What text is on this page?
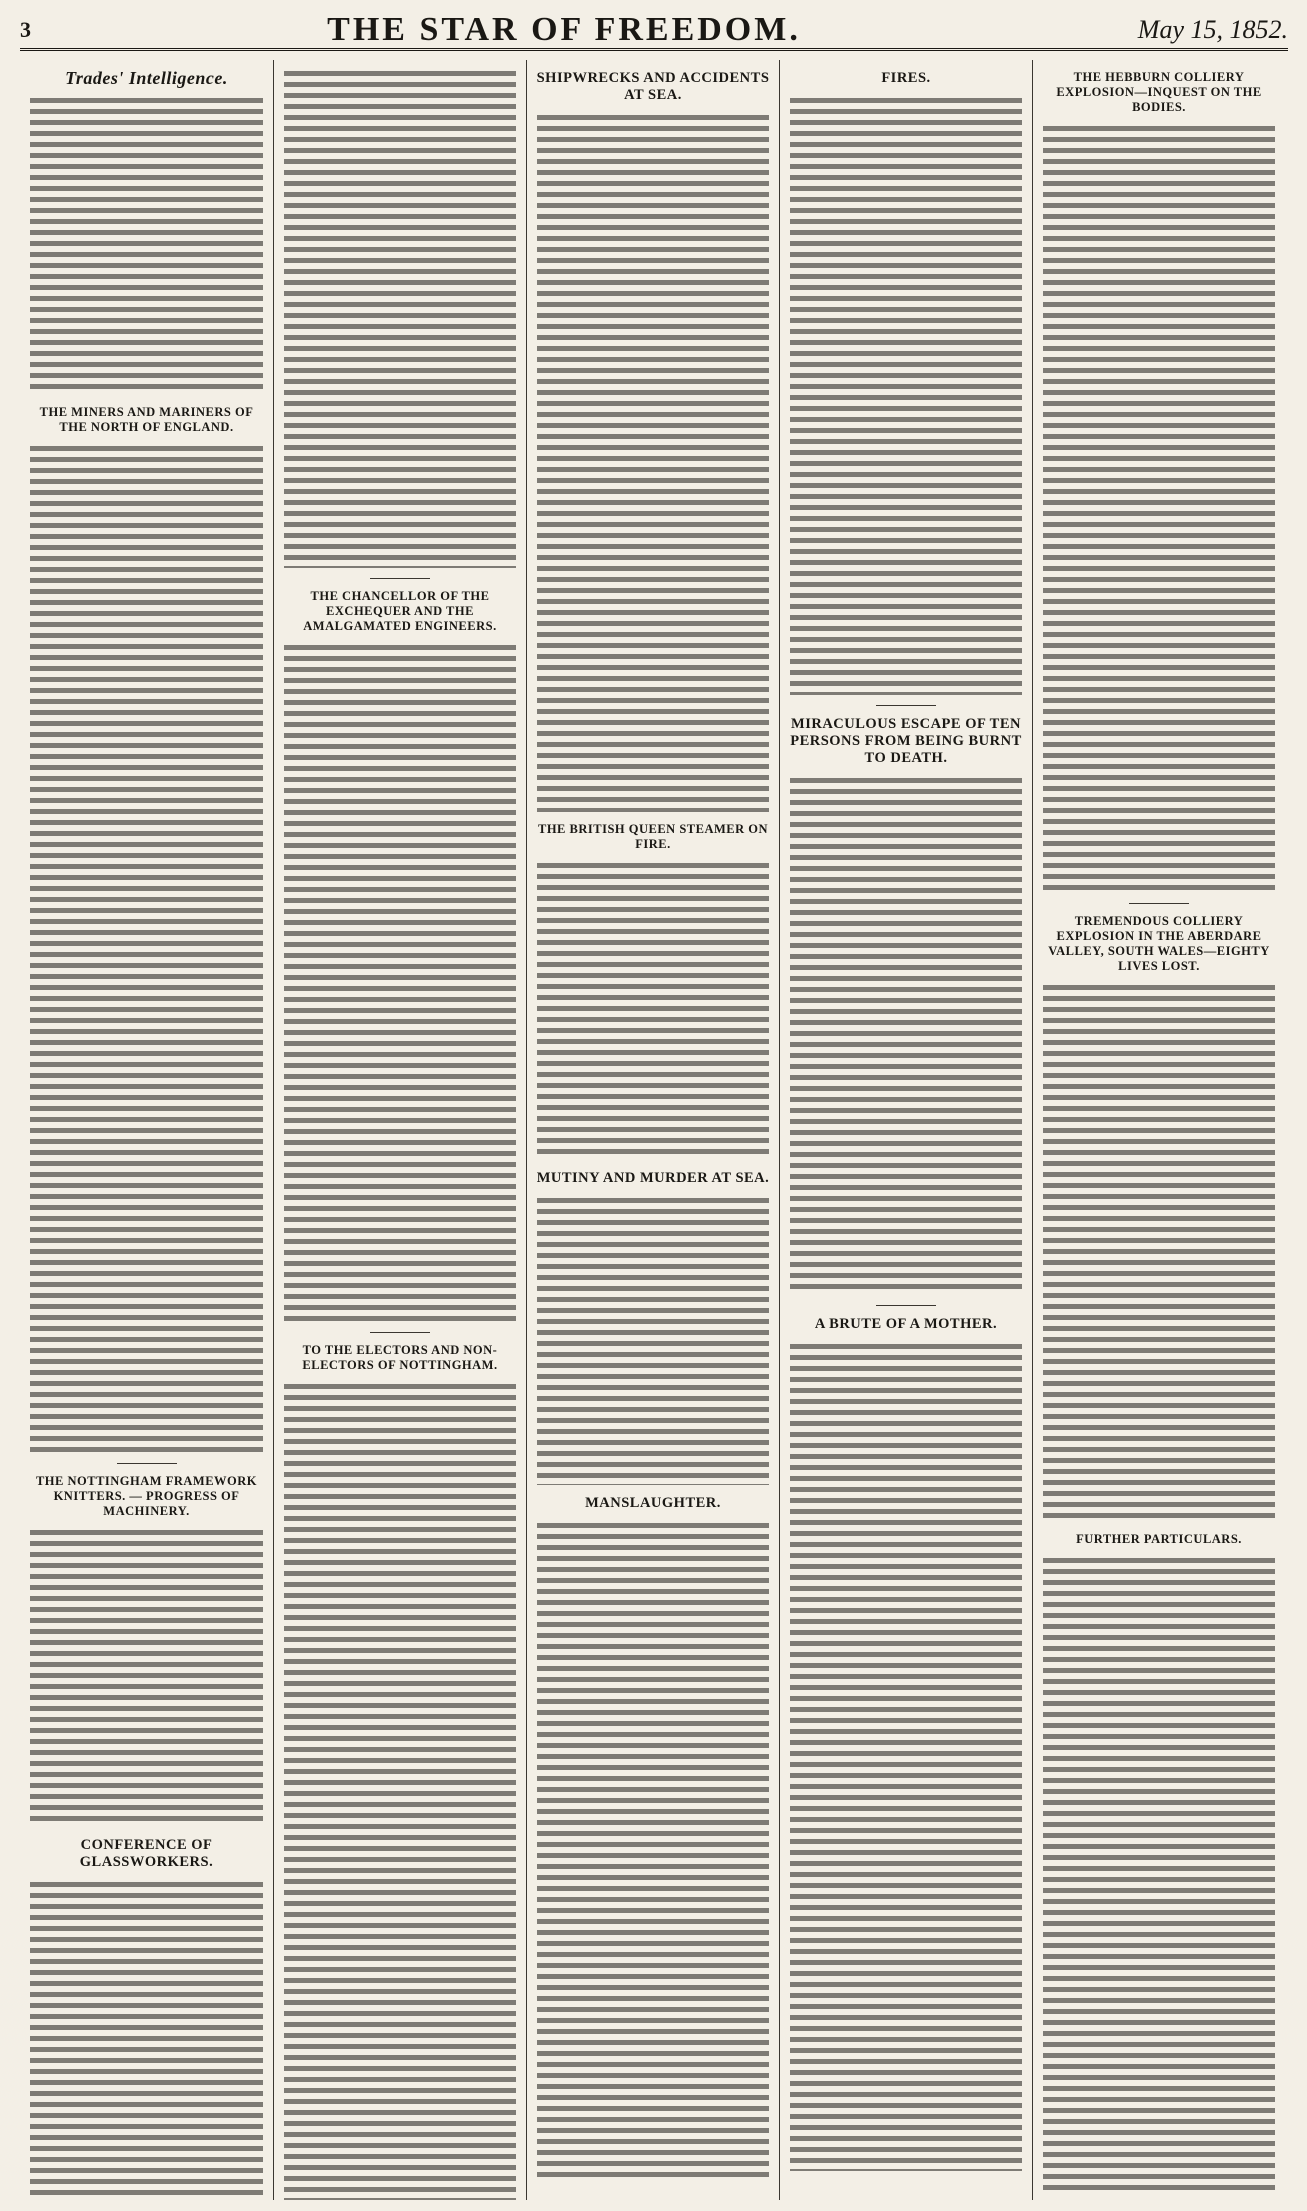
3	THE STAR OF FREEDOM.	May 15, 1852.
Trades' Intelligence.
THE MINERS AND MARINERS OF THE NORTH OF ENGLAND.
THE NOTTINGHAM FRAMEWORK KNITTERS. — PROGRESS OF MACHINERY.
CONFERENCE OF GLASSWORKERS.
THE CHANCELLOR OF THE EXCHEQUER AND THE AMALGAMATED ENGINEERS.
TO THE ELECTORS AND NON-ELECTORS OF NOTTINGHAM.
SHIPWRECKS AND ACCIDENTS AT SEA.
THE BRITISH QUEEN STEAMER ON FIRE.
MUTINY AND MURDER AT SEA.
MANSLAUGHTER.
FIRES.
MIRACULOUS ESCAPE OF TEN PERSONS FROM BEING BURNT TO DEATH.
A BRUTE OF A MOTHER.
THE HEBBURN COLLIERY EXPLOSION—INQUEST ON THE BODIES.
TREMENDOUS COLLIERY EXPLOSION IN THE ABERDARE VALLEY, SOUTH WALES—EIGHTY LIVES LOST.
FURTHER PARTICULARS.
